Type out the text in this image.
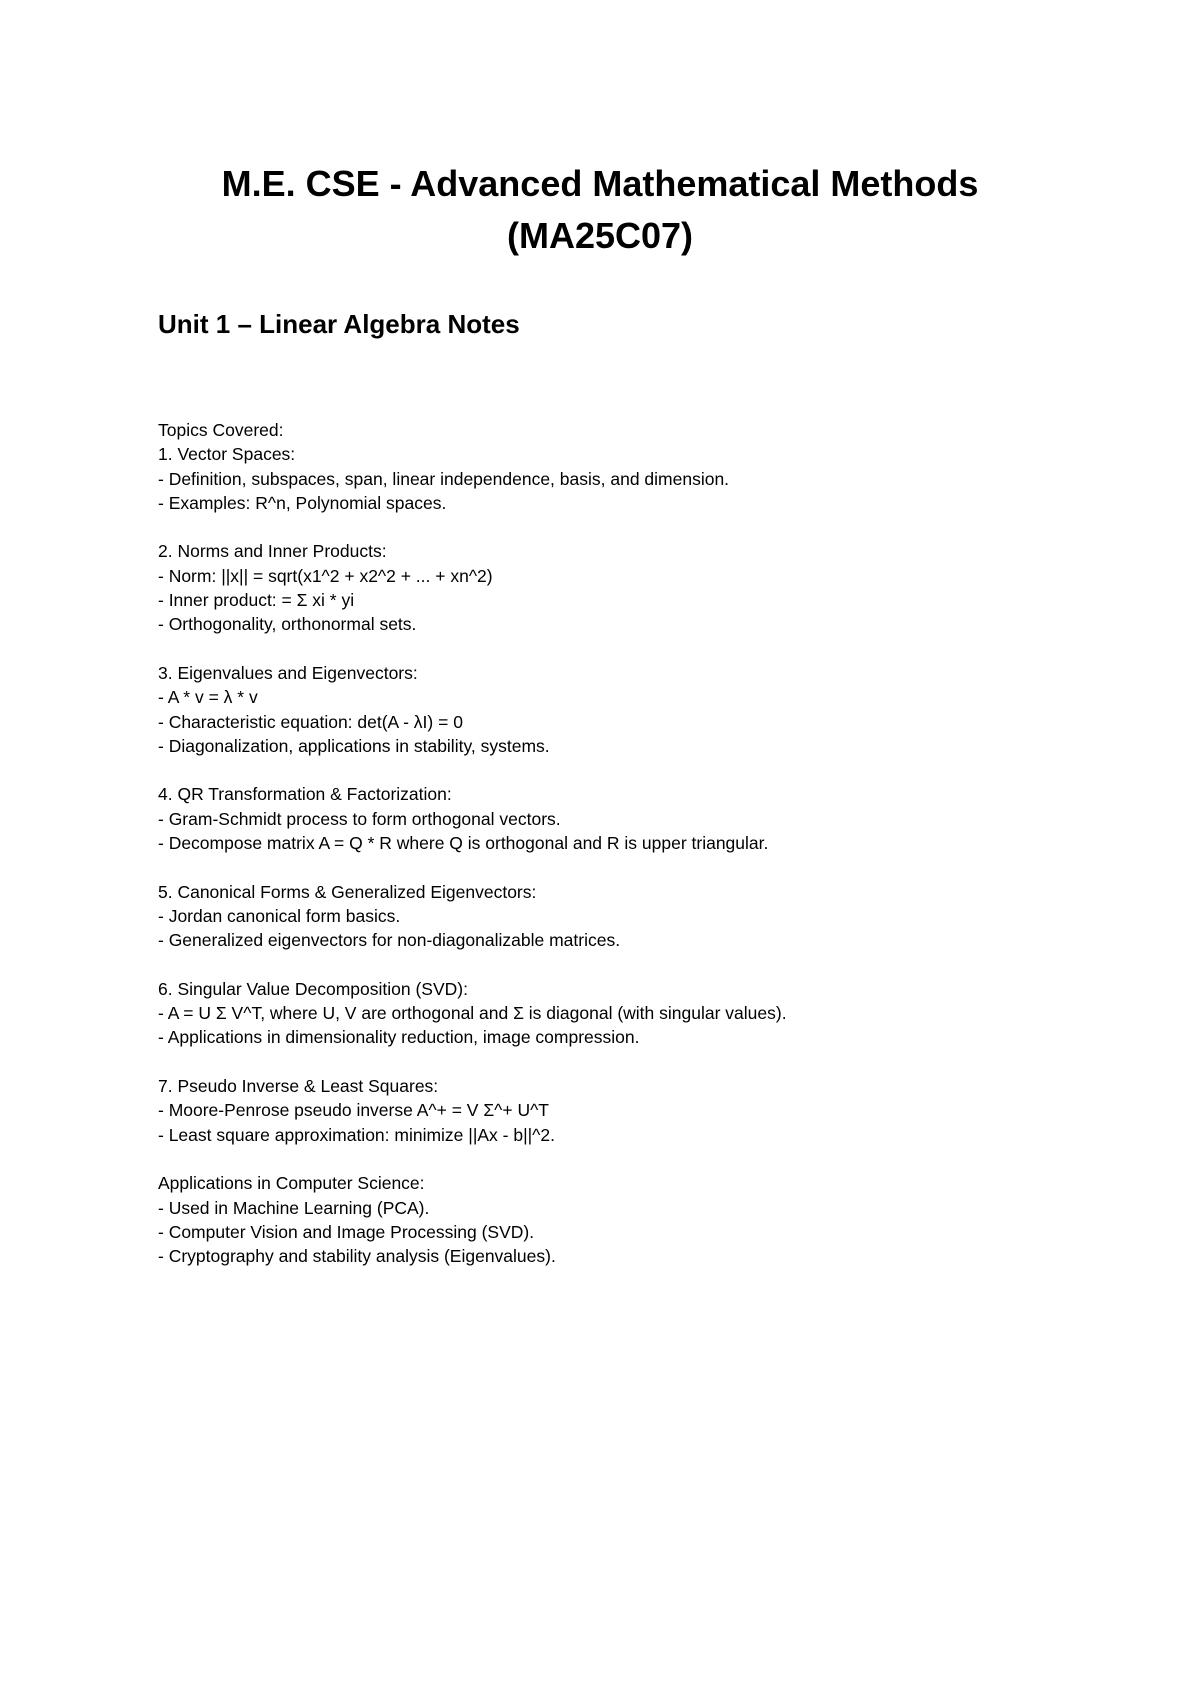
M.E. CSE - Advanced Mathematical Methods
(MA25C07)
Unit 1 – Linear Algebra Notes
Topics Covered:
1. Vector Spaces:
- Definition, subspaces, span, linear independence, basis, and dimension.
- Examples: R^n, Polynomial spaces.
2. Norms and Inner Products:
- Norm: ||x|| = sqrt(x1^2 + x2^2 + ... + xn^2)
- Inner product: = Σ xi * yi
- Orthogonality, orthonormal sets.
3. Eigenvalues and Eigenvectors:
- A * v = λ * v
- Characteristic equation: det(A - λI) = 0
- Diagonalization, applications in stability, systems.
4. QR Transformation & Factorization:
- Gram-Schmidt process to form orthogonal vectors.
- Decompose matrix A = Q * R where Q is orthogonal and R is upper triangular.
5. Canonical Forms & Generalized Eigenvectors:
- Jordan canonical form basics.
- Generalized eigenvectors for non-diagonalizable matrices.
6. Singular Value Decomposition (SVD):
- A = U Σ V^T, where U, V are orthogonal and Σ is diagonal (with singular values).
- Applications in dimensionality reduction, image compression.
7. Pseudo Inverse & Least Squares:
- Moore-Penrose pseudo inverse A^+ = V Σ^+ U^T
- Least square approximation: minimize ||Ax - b||^2.
Applications in Computer Science:
- Used in Machine Learning (PCA).
- Computer Vision and Image Processing (SVD).
- Cryptography and stability analysis (Eigenvalues).
